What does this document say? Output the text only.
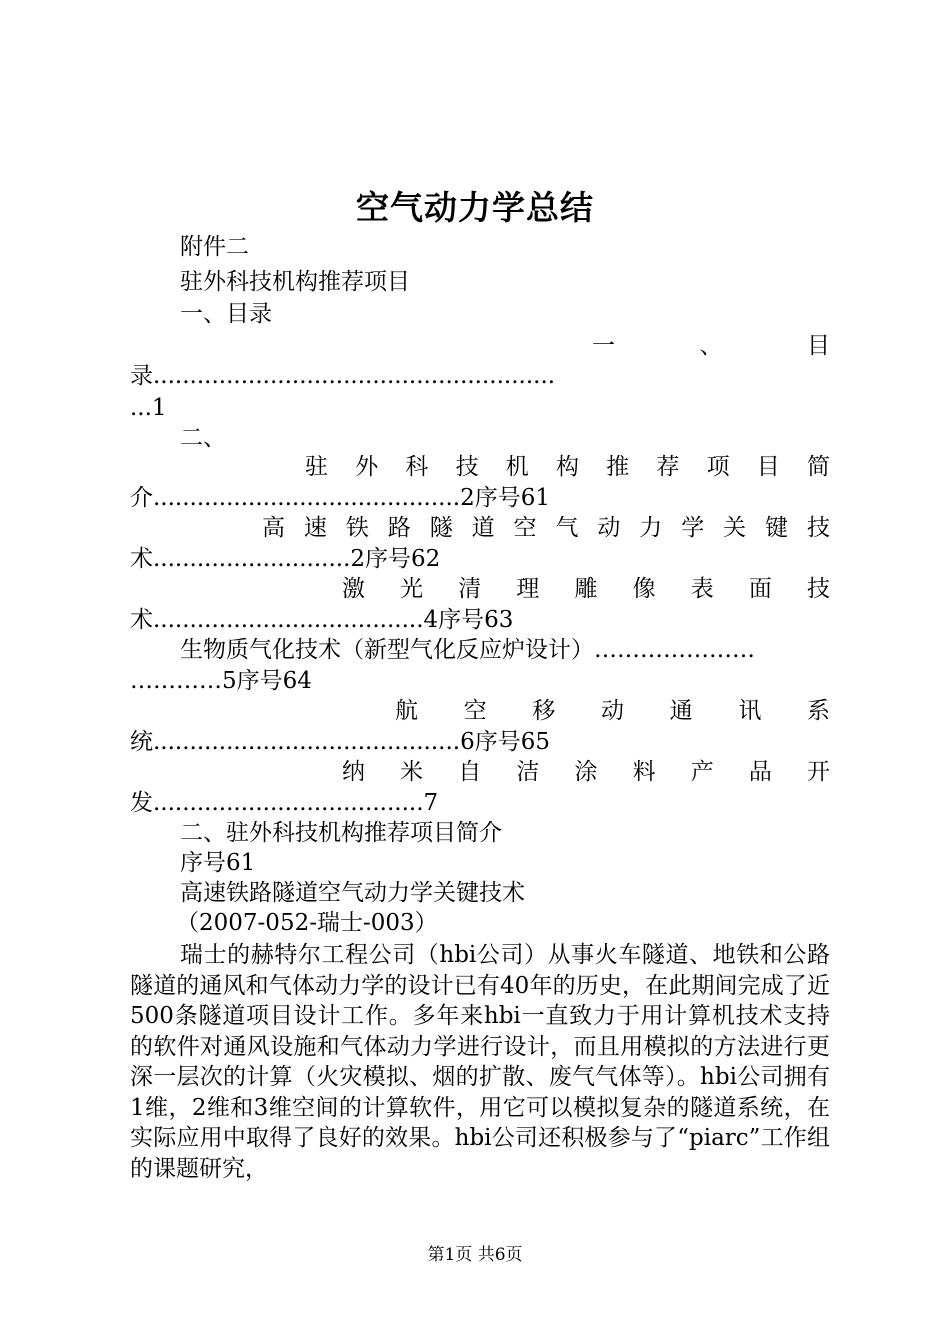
空气动力学总结
附件二
驻外科技机构推荐项目
一、目录
一、目
录.......................................................
...1
二、
驻外科技机构推荐项目简
介..........................................2序号61
高速铁路隧道空气动力学关键技
术...........................2序号62
激光清理雕像表面技
术.....................................4序号63
生物质气化技术（新型气化反应炉设计）…………………
…………5序号64
航空移动通讯系
统..........................................6序号65
纳米自洁涂料产品开
发.....................................7
二、驻外科技机构推荐项目简介
序号61
高速铁路隧道空气动力学关键技术
（2007-052-瑞士-003）
瑞士的赫特尔工程公司（hbi公司）从事火车隧道、地铁和公路隧道的通风和气体动力学的设计已有40年的历史，在此期间完成了近500条隧道项目设计工作。多年来hbi一直致力于用计算机技术支持的软件对通风设施和气体动力学进行设计，而且用模拟的方法进行更深一层次的计算（火灾模拟、烟的扩散、废气气体等）。hbi公司拥有1维，2维和3维空间的计算软件，用它可以模拟复杂的隧道系统，在实际应用中取得了良好的效果。hbi公司还积极参与了“piarc”工作组的课题研究，
第1页 共6页
